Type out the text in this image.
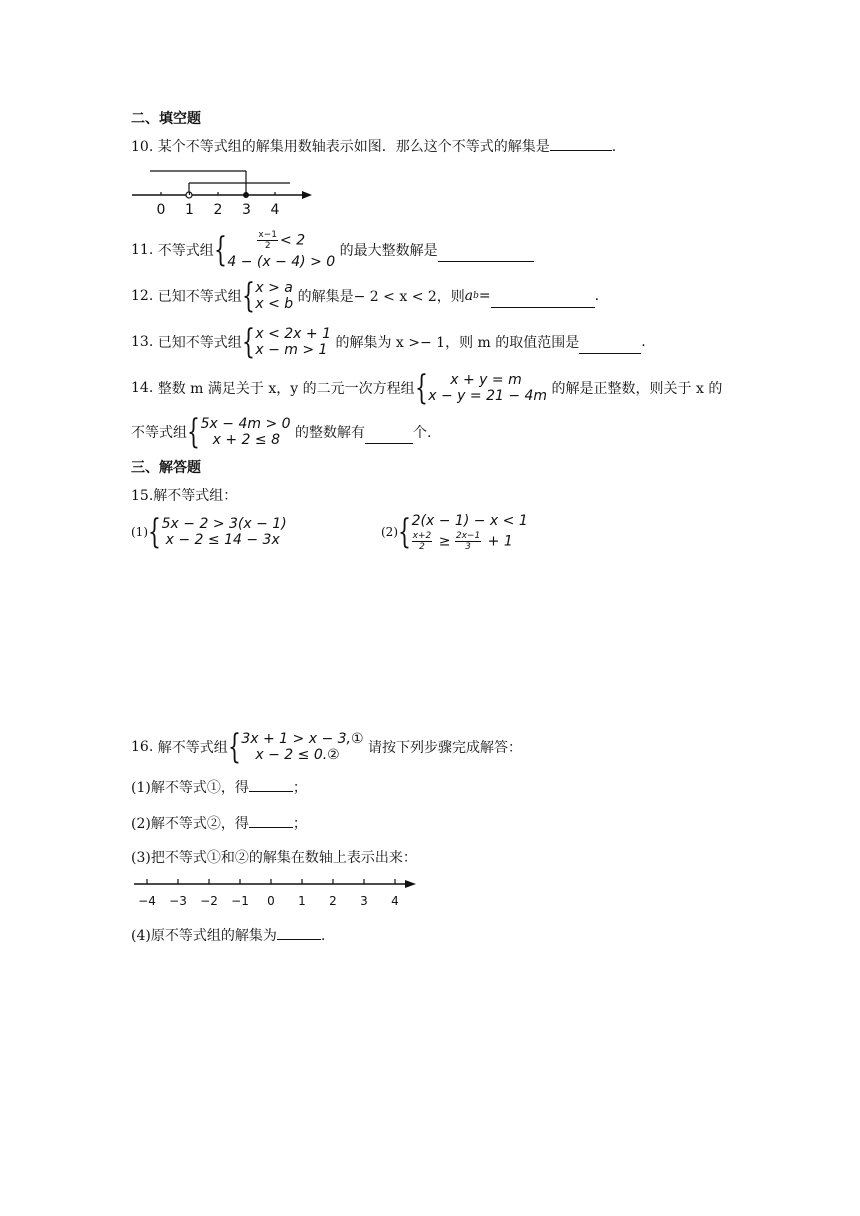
二、填空题
10. 某个不等式组的解集用数轴表示如图．那么这个不等式的解集是	.
0 1 2 3 4
11.
不等式组 {	$\frac{x-1}{2} < 2$
4 − (x − 4) > 0

的最大整数解是
12.
已知不等式组 { x > a
x < b
的解集是− 2 < x < 2，则 a b =	.
13.
已知不等式组 { x < 2x + 1
x − m > 1
的解集为 x >− 1，则 m 的取值范围是	.
14.
整数 m 满足关于 x，y 的二元一次方程组 {	x + y = m
x − y = 21 − 4m
的解是正整数，则关于 x 的
不等式组 { 5x − 4m > 0
x + 2 ≤ 8
	的整数解有	个.
三、解答题
15.解不等式组：
(1) { 5x − 2 > 3(x − 1)
x − 2 ≤ 14 − 3x	(2) { 2(x − 1) − x < 1
$\frac{x+2}{2} \ge \frac{2x-1}{3} + 1$
16.
解不等式组 { 3x + 1 > x − 3,①
x − 2 ≤ 0.②
	请按下列步骤完成解答：
(1)解不等式①，得	；
(2)解不等式②，得	；
(3)把不等式①和②的解集在数轴上表示出来：
−4 −3 −2 −1 0 1 2 3 4
(4)原不等式组的解集为	.
